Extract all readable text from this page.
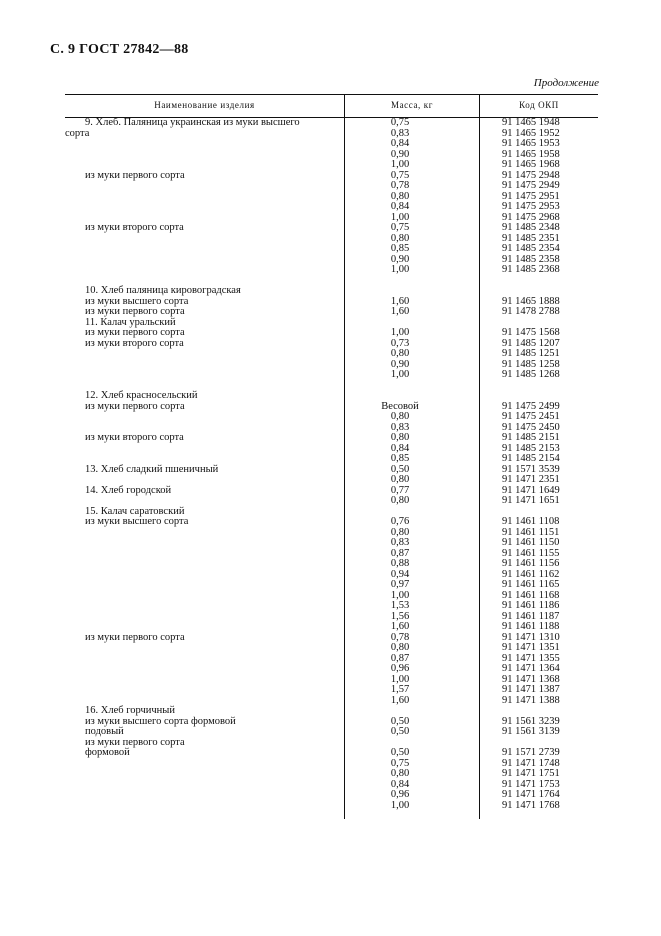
С. 9 ГОСТ 27842—88
Продолжение
Наименование изделия	Масса, кг	Код ОКП
9. Хлеб. Паляница украинская из муки высшего	0,75	91 1465 1948
сорта	0,83	91 1465 1952
0,84	91 1465 1953
0,90	91 1465 1958
1,00	91 1465 1968
из муки первого сорта	0,75	91 1475 2948
0,78	91 1475 2949
0,80	91 1475 2951
0,84	91 1475 2953
1,00	91 1475 2968
из муки второго сорта	0,75	91 1485 2348
0,80	91 1485 2351
0,85	91 1485 2354
0,90	91 1485 2358
1,00	91 1485 2368
10. Хлеб паляница кировоградская
из муки высшего сорта	1,60	91 1465 1888
из муки первого сорта	1,60	91 1478 2788
11. Калач уральский
из муки первого сорта	1,00	91 1475 1568
из муки второго сорта	0,73	91 1485 1207
0,80	91 1485 1251
0,90	91 1485 1258
1,00	91 1485 1268
12. Хлеб красносельский
из муки первого сорта	Весовой	91 1475 2499
0,80	91 1475 2451
0,83	91 1475 2450
из муки второго сорта	0,80	91 1485 2151
0,84	91 1485 2153
0,85	91 1485 2154
13. Хлеб сладкий пшеничный	0,50	91 1571 3539
0,80	91 1471 2351
14. Хлеб городской	0,77	91 1471 1649
0,80	91 1471 1651
15. Калач саратовский
из муки высшего сорта	0,76	91 1461 1108
0,80	91 1461 1151
0,83	91 1461 1150
0,87	91 1461 1155
0,88	91 1461 1156
0,94	91 1461 1162
0,97	91 1461 1165
1,00	91 1461 1168
1,53	91 1461 1186
1,56	91 1461 1187
1,60	91 1461 1188
из муки первого сорта	0,78	91 1471 1310
0,80	91 1471 1351
0,87	91 1471 1355
0,96	91 1471 1364
1,00	91 1471 1368
1,57	91 1471 1387
1,60	91 1471 1388
16. Хлеб горчичный
из муки высшего сорта формовой	0,50	91 1561 3239
подовый	0,50	91 1561 3139
из муки первого сорта
формовой	0,50	91 1571 2739
0,75	91 1471 1748
0,80	91 1471 1751
0,84	91 1471 1753
0,96	91 1471 1764
1,00	91 1471 1768
